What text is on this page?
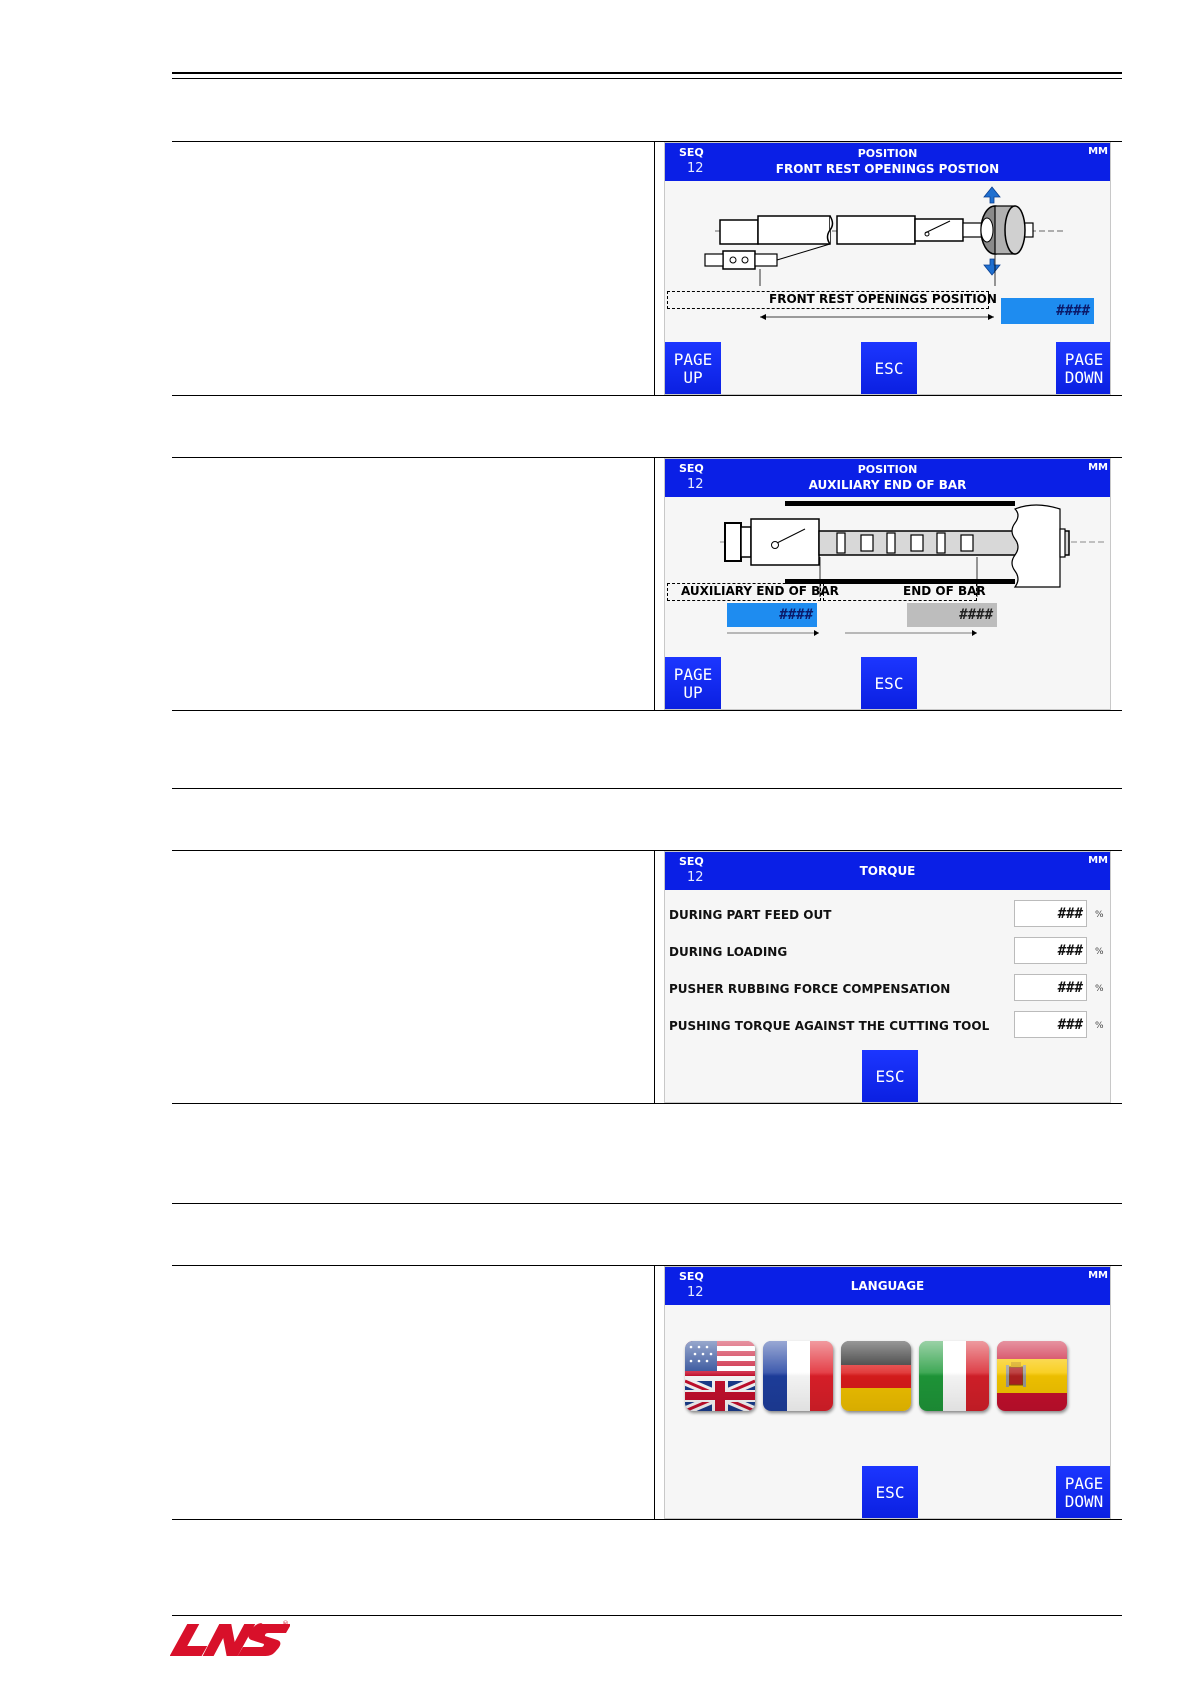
SEQ
12
POSITION
FRONT REST OPENINGS POSTION
MM
FRONT REST OPENINGS POSITION
####
PAGE
UP	ESC	PAGE
DOWN
SEQ
12
POSITION
AUXILIARY END OF BAR
MM
AUXILIARY END OF BAR	END OF BAR
####	####
PAGE
UP	ESC
SEQ
12	TORQUE
MM
DURING PART FEED OUT	###	%
DURING LOADING	###	%
PUSHER RUBBING FORCE COMPENSATION	###	%
PUSHING TORQUE AGAINST THE CUTTING TOOL	###	%
ESC
SEQ
12	LANGUAGE
MM
ESC	PAGE
DOWN
®
